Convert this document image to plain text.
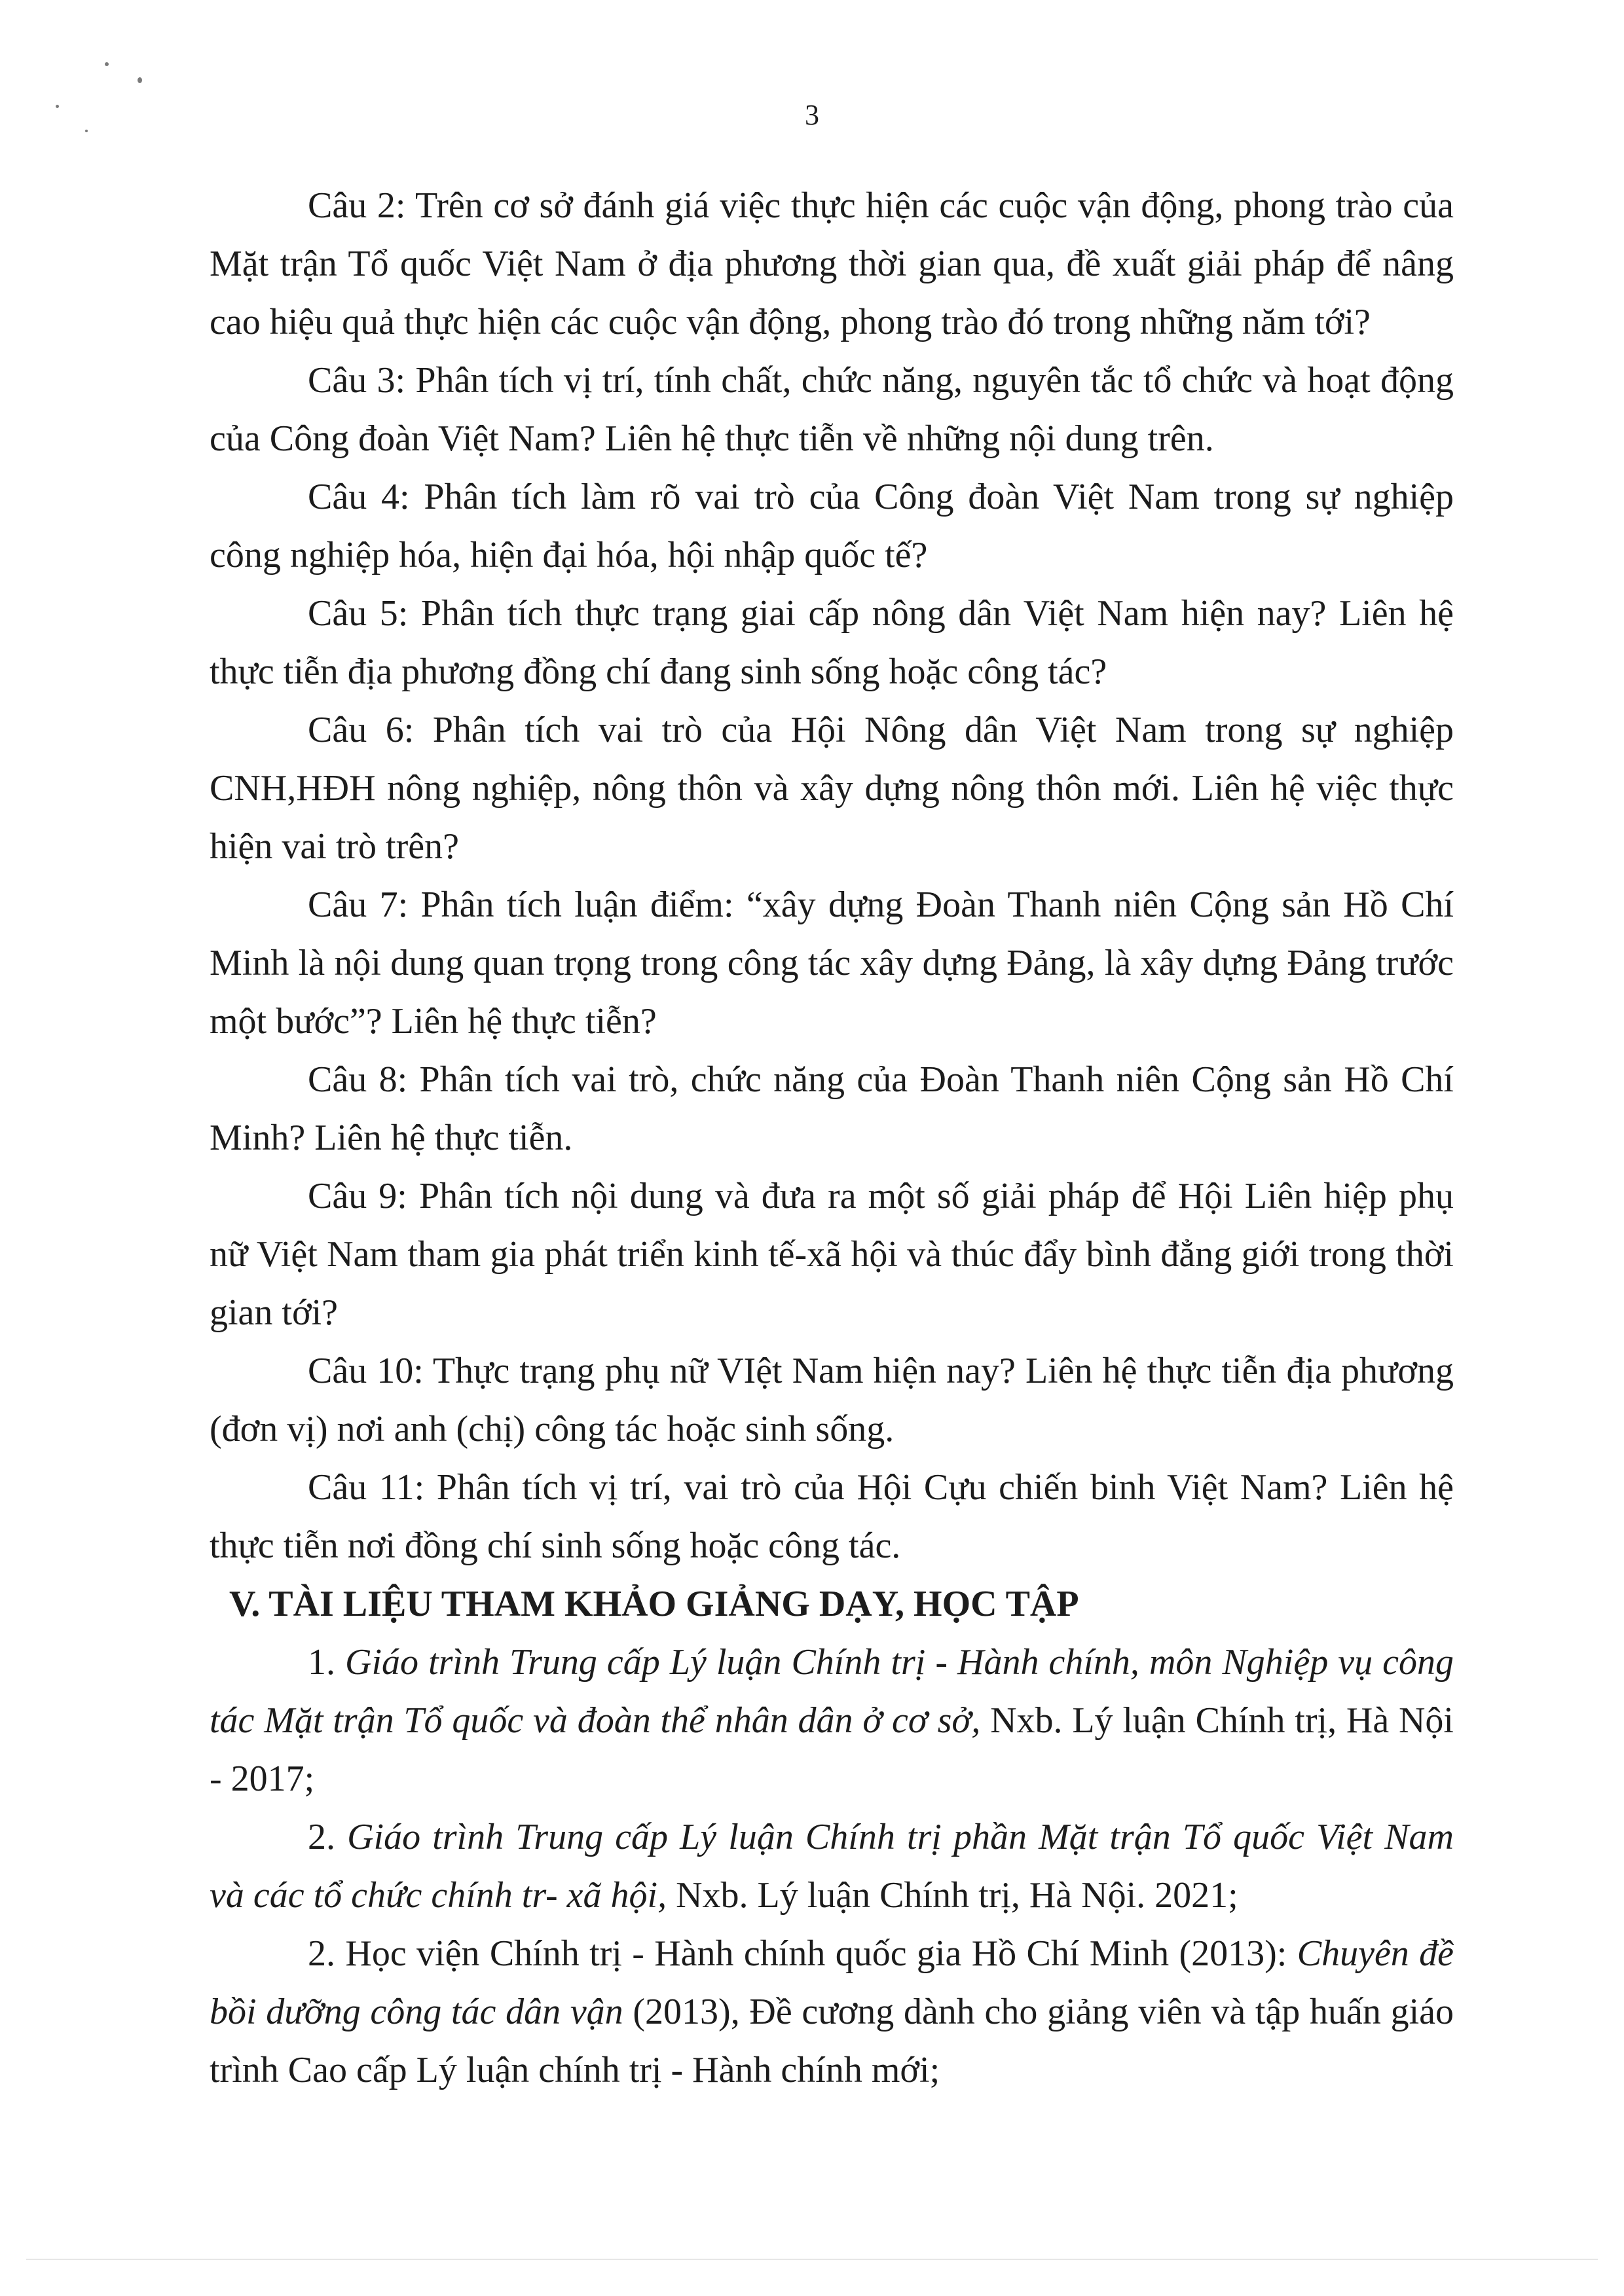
3

Câu 2: Trên cơ sở đánh giá việc thực hiện các cuộc vận động, phong trào của Mặt trận Tổ quốc Việt Nam ở địa phương thời gian qua, đề xuất giải pháp để nâng cao hiệu quả thực hiện các cuộc vận động, phong trào đó trong những năm tới?

Câu 3: Phân tích vị trí, tính chất, chức năng, nguyên tắc tổ chức và hoạt động của Công đoàn Việt Nam? Liên hệ thực tiễn về những nội dung trên.

Câu 4: Phân tích làm rõ vai trò của Công đoàn Việt Nam trong sự nghiệp công nghiệp hóa, hiện đại hóa, hội nhập quốc tế?

Câu 5: Phân tích thực trạng giai cấp nông dân Việt Nam hiện nay? Liên hệ thực tiễn địa phương đồng chí đang sinh sống hoặc công tác?

Câu 6: Phân tích vai trò của Hội Nông dân Việt Nam trong sự nghiệp CNH,HĐH nông nghiệp, nông thôn và xây dựng nông thôn mới. Liên hệ việc thực hiện vai trò trên?

Câu 7: Phân tích luận điểm: “xây dựng Đoàn Thanh niên Cộng sản Hồ Chí Minh là nội dung quan trọng trong công tác xây dựng Đảng, là xây dựng Đảng trước một bước”? Liên hệ thực tiễn?

Câu 8: Phân tích vai trò, chức năng của Đoàn Thanh niên Cộng sản Hồ Chí Minh? Liên hệ thực tiễn.

Câu 9: Phân tích nội dung và đưa ra một số giải pháp để Hội Liên hiệp phụ nữ Việt Nam tham gia phát triển kinh tế-xã hội và thúc đẩy bình đẳng giới trong thời gian tới?

Câu 10: Thực trạng phụ nữ VIệt Nam hiện nay? Liên hệ thực tiễn địa phương (đơn vị) nơi anh (chị) công tác hoặc sinh sống.

Câu 11: Phân tích vị trí, vai trò của Hội Cựu chiến binh Việt Nam? Liên hệ thực tiễn nơi đồng chí sinh sống hoặc công tác.

V. TÀI LIỆU THAM KHẢO GIẢNG DẠY, HỌC TẬP

1. Giáo trình Trung cấp Lý luận Chính trị - Hành chính, môn Nghiệp vụ công tác Mặt trận Tổ quốc và đoàn thể nhân dân ở cơ sở, Nxb. Lý luận Chính trị, Hà Nội - 2017;

2. Giáo trình Trung cấp Lý luận Chính trị phần Mặt trận Tổ quốc Việt Nam và các tổ chức chính tr- xã hội, Nxb. Lý luận Chính trị, Hà Nội. 2021;

2. Học viện Chính trị - Hành chính quốc gia Hồ Chí Minh (2013): Chuyên đề bồi dưỡng công tác dân vận (2013), Đề cương dành cho giảng viên và tập huấn giáo trình Cao cấp Lý luận chính trị - Hành chính mới;
